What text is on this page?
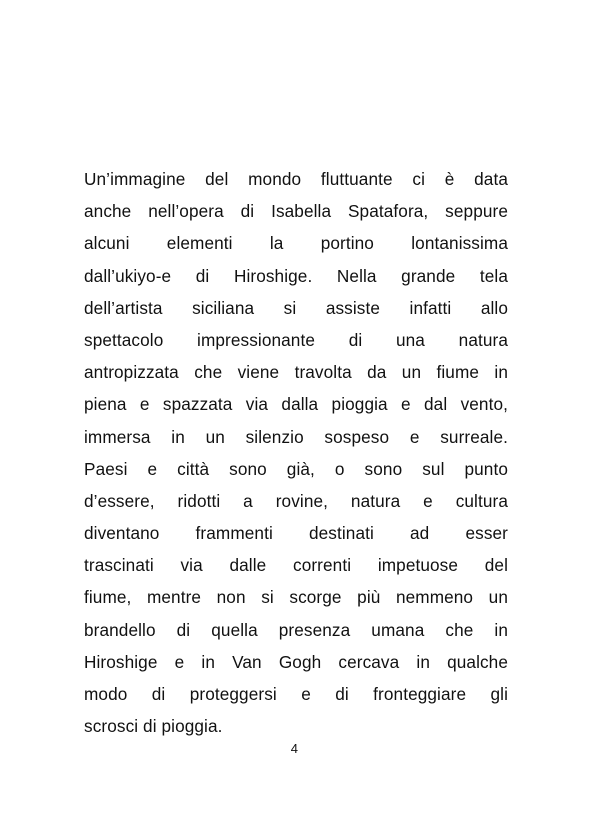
Un’immagine del mondo fluttuante ci è data
anche nell’opera di Isabella Spatafora, seppure
alcuni elementi la portino lontanissima
dall’ukiyo-e di Hiroshige. Nella grande tela
dell’artista siciliana si assiste infatti allo
spettacolo impressionante di una natura
antropizzata che viene travolta da un fiume in
piena e spazzata via dalla pioggia e dal vento,
immersa in un silenzio sospeso e surreale.
Paesi e città sono già, o sono sul punto
d’essere, ridotti a rovine, natura e cultura
diventano frammenti destinati ad esser
trascinati via dalle correnti impetuose del
fiume, mentre non si scorge più nemmeno un
brandello di quella presenza umana che in
Hiroshige e in Van Gogh cercava in qualche
modo di proteggersi e di fronteggiare gli
scrosci di pioggia.
4
